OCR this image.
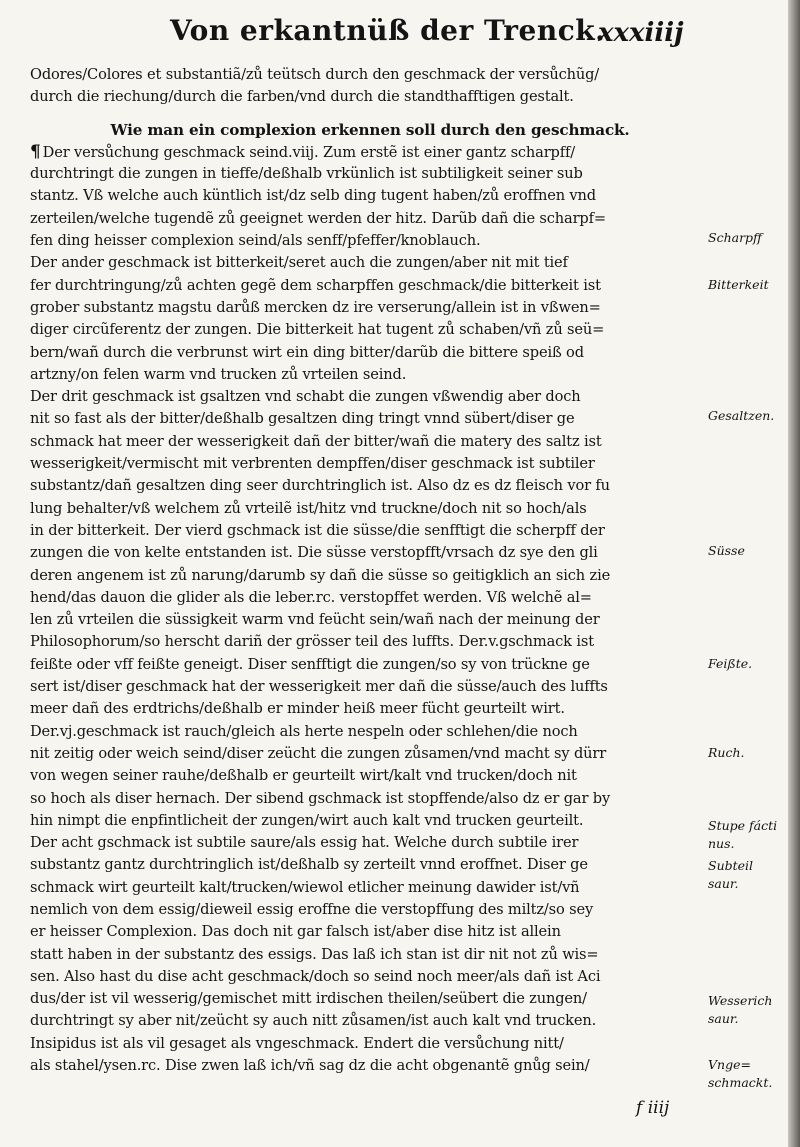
Von erkantnüß der Trenck.
xxxiiij
Odores/Colores et substantiã/zů teütsch durch den geschmack der versůchũg/
durch die riechung/durch die farben/vnd durch die standthafftigen gestalt.
Wie man ein complexion erkennen soll durch den geschmack.
¶ Der versůchung geschmack seind.viij. Zum erstẽ ist einer gantz scharpff/
durchtringt die zungen in tieffe/deßhalb vrkünlich ist subtiligkeit seiner sub
stantz. Vß welche auch küntlich ist/dz selb ding tugent haben/zů eroffnen vnd
zerteilen/welche tugendẽ zů geeignet werden der hitz. Darũb dañ die scharpf=
fen ding heisser complexion seind/als senff/pfeffer/knoblauch.
Der ander geschmack ist bitterkeit/seret auch die zungen/aber nit mit tief
fer durchtringung/zů achten gegẽ dem scharpffen geschmack/die bitterkeit ist
grober substantz magstu darůß mercken dz ire verserung/allein ist in vßwen=
diger circũferentz der zungen. Die bitterkeit hat tugent zů schaben/vñ zů seü=
bern/wañ durch die verbrunst wirt ein ding bitter/darũb die bittere speiß od
artzny/on felen warm vnd trucken zů vrteilen seind.
Der drit geschmack ist gsaltzen vnd schabt die zungen vßwendig aber doch
nit so fast als der bitter/deßhalb gesaltzen ding tringt vnnd sübert/diser ge
schmack hat meer der wesserigkeit dañ der bitter/wañ die matery des saltz ist
wesserigkeit/vermischt mit verbrenten dempffen/diser geschmack ist subtiler
substantz/dañ gesaltzen ding seer durchtringlich ist. Also dz es dz fleisch vor fu
lung behalter/vß welchem zů vrteilẽ ist/hitz vnd truckne/doch nit so hoch/als
in der bitterkeit. Der vierd gschmack ist die süsse/die senfftigt die scherpff der
zungen die von kelte entstanden ist. Die süsse verstopfft/vrsach dz sye den gli
deren angenem ist zů narung/darumb sy dañ die süsse so geitigklich an sich zie
hend/das dauon die glider als die leber.rc. verstopffet werden. Vß welchẽ al=
len zů vrteilen die süssigkeit warm vnd feücht sein/wañ nach der meinung der
Philosophorum/so herscht dariñ der grösser teil des luffts. Der.v.gschmack ist
feißte oder vff feißte geneigt. Diser senfftigt die zungen/so sy von trückne ge
sert ist/diser geschmack hat der wesserigkeit mer dañ die süsse/auch des luffts
meer dañ des erdtrichs/deßhalb er minder heiß meer fücht geurteilt wirt.
Der.vj.geschmack ist rauch/gleich als herte nespeln oder schlehen/die noch
nit zeitig oder weich seind/diser zeücht die zungen zůsamen/vnd macht sy dürr
von wegen seiner rauhe/deßhalb er geurteilt wirt/kalt vnd trucken/doch nit
so hoch als diser hernach. Der sibend gschmack ist stopffende/also dz er gar by
hin nimpt die enpfintlicheit der zungen/wirt auch kalt vnd trucken geurteilt.
Der acht gschmack ist subtile saure/als essig hat. Welche durch subtile irer
substantz gantz durchtringlich ist/deßhalb sy zerteilt vnnd eroffnet. Diser ge
schmack wirt geurteilt kalt/trucken/wiewol etlicher meinung dawider ist/vñ
nemlich von dem essig/dieweil essig eroffne die verstopffung des miltz/so sey
er heisser Complexion. Das doch nit gar falsch ist/aber dise hitz ist allein
statt haben in der substantz des essigs. Das laß ich stan ist dir nit not zů wis=
sen. Also hast du dise acht geschmack/doch so seind noch meer/als dañ ist Aci
dus/der ist vil wesserig/gemischet mitt irdischen theilen/seübert die zungen/
durchtringt sy aber nit/zeücht sy auch nitt zůsamen/ist auch kalt vnd trucken.
Insipidus ist als vil gesaget als vngeschmack. Endert die versůchung nitt/
als stahel/ysen.rc. Dise zwen laß ich/vñ sag dz die acht obgenantẽ gnůg sein/
Scharpff
Bitterkeit
Gesaltzen.
Süsse
Feißte.
Ruch.
Stupe fácti
nus.
Subteil
saur.
Wesserich
saur.
Vnge=
schmackt.
f iiij
